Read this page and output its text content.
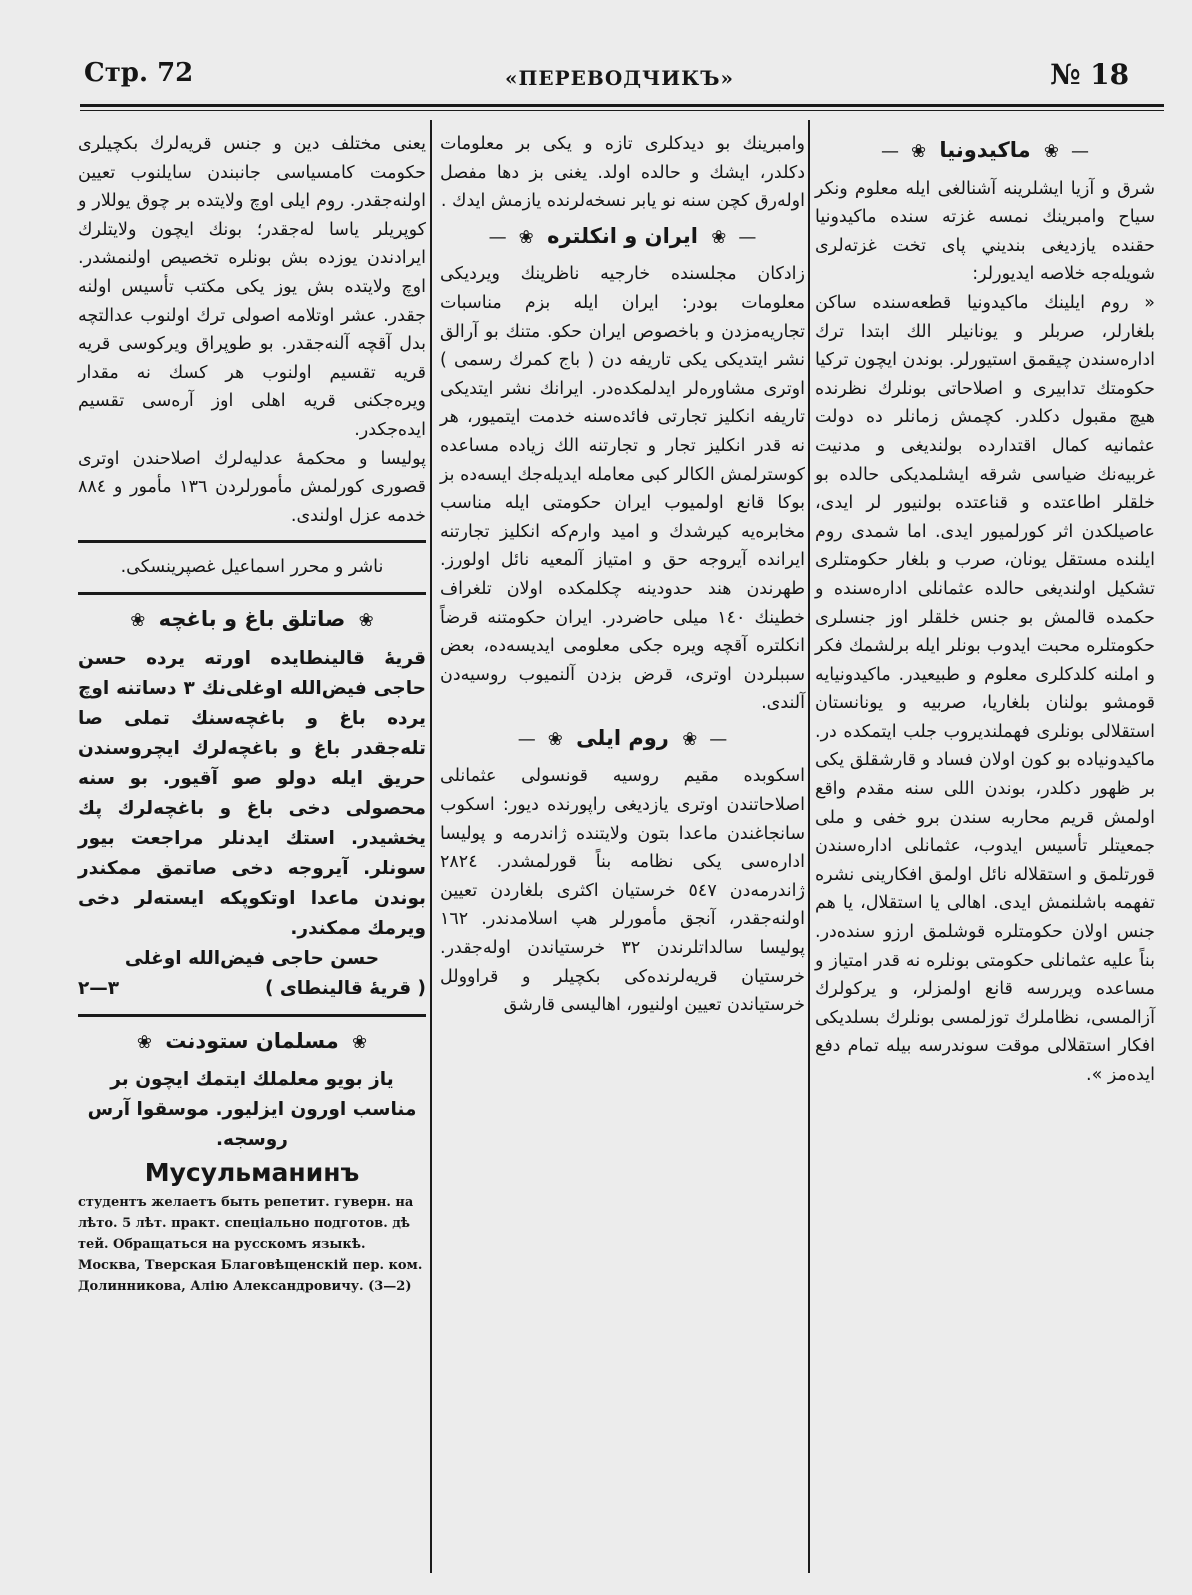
Стр. 72	«ПЕРЕВОДЧИКЪ»	№ 18
—❀ ماكيدونيا ❀—

شرق و آزيا ايشلرينه آشنالغى ايله معلوم ونكر سياح وامبرينك نمسه غزته سنده ماكيدونيا حقنده يازديغى بنديني پاى تخت غزته‌لرى شويله‌جه خلاصه ايديورلر:

« روم ايلينك ماكيدونيا قطعه‌سنده ساكن بلغارلر، صربلر و يونانيلر الك ابتدا ترك اداره‌سندن چيقمق استيورلر. بوندن ايچون تركيا حكومتك تدابيرى و اصلاحاتى بونلرك نظرنده هيچ مقبول دكلدر. كچمش زمانلر ده دولت عثمانيه كمال اقتدارده بولنديغى و مدنيت غربيه‌نك ضياسى شرقه ايشلمديكى حالده بو خلقلر اطاعتده و قناعتده بولنيور لر ايدى، عاصيلكدن اثر كورلميور ايدى. اما شمدى روم ايلنده مستقل يونان، صرب و بلغار حكومتلرى تشكيل اولنديغى حالده عثمانلى اداره‌سنده و حكمده قالمش بو جنس خلقلر اوز جنسلرى حكومتلره محبت ايدوب بونلر ايله برلشمك فكر و املنه كلدكلرى معلوم و طبيعيدر. ماكيدونيايه قومشو بولنان بلغاريا، صربيه و يونانستان استقلالى بونلرى فهملنديروب جلب ايتمكده در. ماكيدونياده بو كون اولان فساد و قارشقلق يكى بر ظهور دكلدر، بوندن اللى سنه مقدم واقع اولمش قريم محاربه سندن برو خفى و ملى جمعيتلر تأسيس ايدوب، عثمانلى اداره‌سندن قورتلمق و استقلاله نائل اولمق افكارينى نشره تفهمه باشلنمش ايدى. اهالى يا استقلال، يا هم جنس اولان حكومتلره قوشلمق ارزو سنده‌در. بناً عليه عثمانلى حكومتى بونلره نه قدر امتياز و مساعده ويررسه قانع اولمزلر، و يركولرك آزالمسى، نظاملرك توزلمسى بونلرك بسلديكى افكار استقلالى موقت سوندرسه بيله تمام دفع ايدەمز ».

وامبرينك بو ديدكلرى تازه و يكى بر معلومات دكلدر، ايشك و حالده اولد. يغنى بز دها مفصل اوله‌رق كچن سنه نو يابر نسخه‌لرنده يازمش ايدك .

—❀ ايران و انكلتره ❀—

زادكان مجلسنده خارجيه ناظرينك ويرديكى معلومات بودر: ايران ايله بزم مناسبات تجاريه‌مزدن و باخصوص ايران حكو. متنك بو آرالق نشر ايتديكى يكى تاريفه دن ( باج كمرك رسمى ) اوترى مشاوره‌لر ايدلمكده‌در. ايرانك نشر ايتديكى تاريفه انكليز تجارتى فائده‌سنه خدمت ايتميور، هر نه قدر انكليز تجار و تجارتنه الك زياده مساعده كوسترلمش الكالر كبى معامله ايديله‌جك ايسه‌ده بز بوكا قانع اولميوب ايران حكومتى ايله مناسب مخابره‌يه كيرشدك و اميد وارم‌كه انكليز تجارتنه ايرانده آيروجه حق و امتياز آلمعيه نائل اولورز. طهرندن هند حدودينه چكلمكده اولان تلغراف خطينك ١٤٠ ميلى حاضردر. ايران حكومتنه قرضاً انكلتره آقچه ويره جكى معلومى ايديسه‌ده، بعض سببلردن اوترى، قرض بزدن آلنميوب روسيه‌دن آلندى.

—❀ روم ايلى ❀—

اسكوبده مقيم روسيه قونسولى عثمانلى اصلاحاتندن اوترى يازديغى راپورنده ديور: اسكوب سانجاغندن ماعدا بتون ولايتنده ژاندرمه و پوليسا اداره‌سى يكى نظامه بناً قورلمشدر. ٢٨٢٤ ژاندرمه‌دن ٥٤٧ خرستيان اكثرى بلغاردن تعيين اولنه‌جقدر، آنجق مأمورلر هپ اسلامدندر. ١٦٢ پوليسا سالداتلرندن ٣٢ خرستياندن اوله‌جقدر. خرستيان قريه‌لرنده‌كى بكچيلر و قراوولل خرستياندن تعيين اولنيور، اهاليسى قارشق

يعنى مختلف دين و جنس قريه‌لرك بكچيلرى حكومت كامسياسى جانبندن سايلنوب تعيين اولنه‌جقدر. روم ايلى اوچ ولايتده بر چوق يوللار و كوپريلر ياسا له‌جقدر؛ بونك ايچون ولايتلرك ايرادندن يوزده بش بونلره تخصيص اولنمشدر. اوچ ولايتده بش يوز يكى مكتب تأسيس اولنه جقدر. عشر اوتلامه اصولى ترك اولنوب عدالتچه بدل آقچه آلنه‌جقدر. بو طوپراق ويركوسى قريه قريه تقسيم اولنوب هر كسك نه مقدار ويره‌جكنى قريه اهلى اوز آره‌سى تقسيم ايده‌جكدر.

پوليسا و محكمهٔ عدليه‌لرك اصلاحندن اوترى قصورى كورلمش مأمورلردن ١٣٦ مأمور و ٨٨٤ خدمه عزل اولندى.

ناشر و محرر اسماعيل غصپرينسكى.

❀ صاتلق باغ و باغچه ❀

قريهٔ قالينطايده اورته يرده حسن حاجى فيض‌الله اوغلى‌نك ٣ دساتنه اوچ يرده باغ و باغچه‌سنك تملى صا تله‌جقدر باغ و باغچه‌لرك ايچروسندن حريق ايله دولو صو آقيور. بو سنه محصولى دخى باغ و باغچه‌لرك پك يخشيدر. استك ايدنلر مراجعت بيور سونلر. آيروجه دخى صاتمق ممكندر بوندن ماعدا اوتكوپكه ايسته‌لر دخى ويرمك ممكندر.

حسن حاجى فيض‌الله اوغلى

( قريهٔ قالينطاى )
٣—٢
❀ مسلمان ستودنت ❀

ياز بويو معلملك ايتمك ايچون بر مناسب اورون ايزليور. موسقوا آرس روسجه.

Мусульманинъ

студентъ желаетъ быть репетит. гуверн. на лѣто. 5 лѣт. практ. спеціально подготов. дѣ тей. Обращаться на русскомъ языкѣ.

Москва, Тверская Благовѣщенскій пер. ком. Долинникова, Алію Александровичу. (3—2)
